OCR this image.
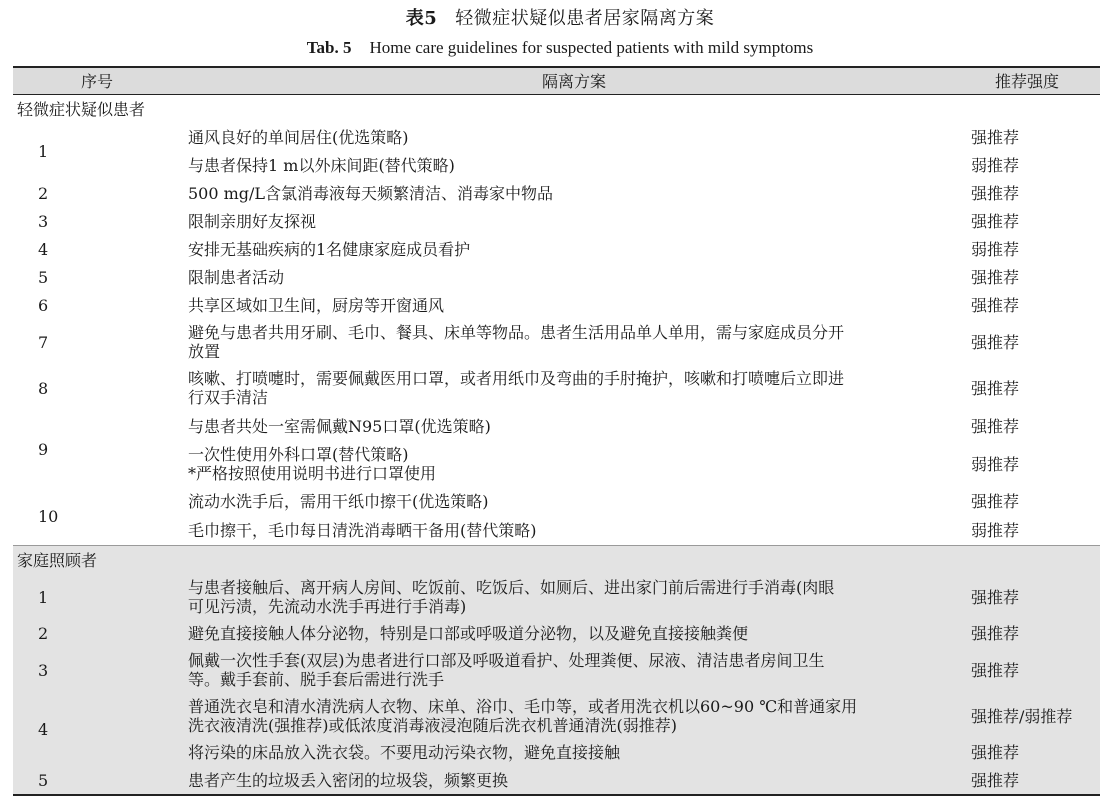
表5 轻微症状疑似患者居家隔离方案
Tab. 5 Home care guidelines for suspected patients with mild symptoms
序号	隔离方案	推荐强度
轻微症状疑似患者		
1	通风良好的单间居住(优选策略)	强推荐
	与患者保持1 m以外床间距(替代策略)	弱推荐
2	500 mg/L含氯消毒液每天频繁清洁、消毒家中物品	强推荐
3	限制亲朋好友探视	强推荐
4	安排无基础疾病的1名健康家庭成员看护	弱推荐
5	限制患者活动	强推荐
6	共享区域如卫生间，厨房等开窗通风	强推荐
7	避免与患者共用牙刷、毛巾、餐具、床单等物品。患者生活用品单人单用，需与家庭成员分开
放置	强推荐
8	咳嗽、打喷嚏时，需要佩戴医用口罩，或者用纸巾及弯曲的手肘掩护，咳嗽和打喷嚏后立即进
行双手清洁	强推荐
9	与患者共处一室需佩戴N95口罩(优选策略)	强推荐

	一次性使用外科口罩(替代策略)
*严格按照使用说明书进行口罩使用	弱推荐
10	流动水洗手后，需用干纸巾擦干(优选策略)	强推荐
	毛巾擦干，毛巾每日清洗消毒晒干备用(替代策略)	弱推荐
家庭照顾者		
1	与患者接触后、离开病人房间、吃饭前、吃饭后、如厕后、进出家门前后需进行手消毒(肉眼
可见污渍，先流动水洗手再进行手消毒)	强推荐
2	避免直接接触人体分泌物，特别是口部或呼吸道分泌物，以及避免直接接触粪便	强推荐
3	佩戴一次性手套(双层)为患者进行口部及呼吸道看护、处理粪便、尿液、清洁患者房间卫生
等。戴手套前、脱手套后需进行洗手	强推荐
4	普通洗衣皂和清水清洗病人衣物、床单、浴巾、毛巾等，或者用洗衣机以60~90 ℃和普通家用
洗衣液清洗(强推荐)或低浓度消毒液浸泡随后洗衣机普通清洗(弱推荐)	强推荐/弱推荐
	将污染的床品放入洗衣袋。不要甩动污染衣物，避免直接接触	强推荐
5	患者产生的垃圾丢入密闭的垃圾袋，频繁更换	强推荐
